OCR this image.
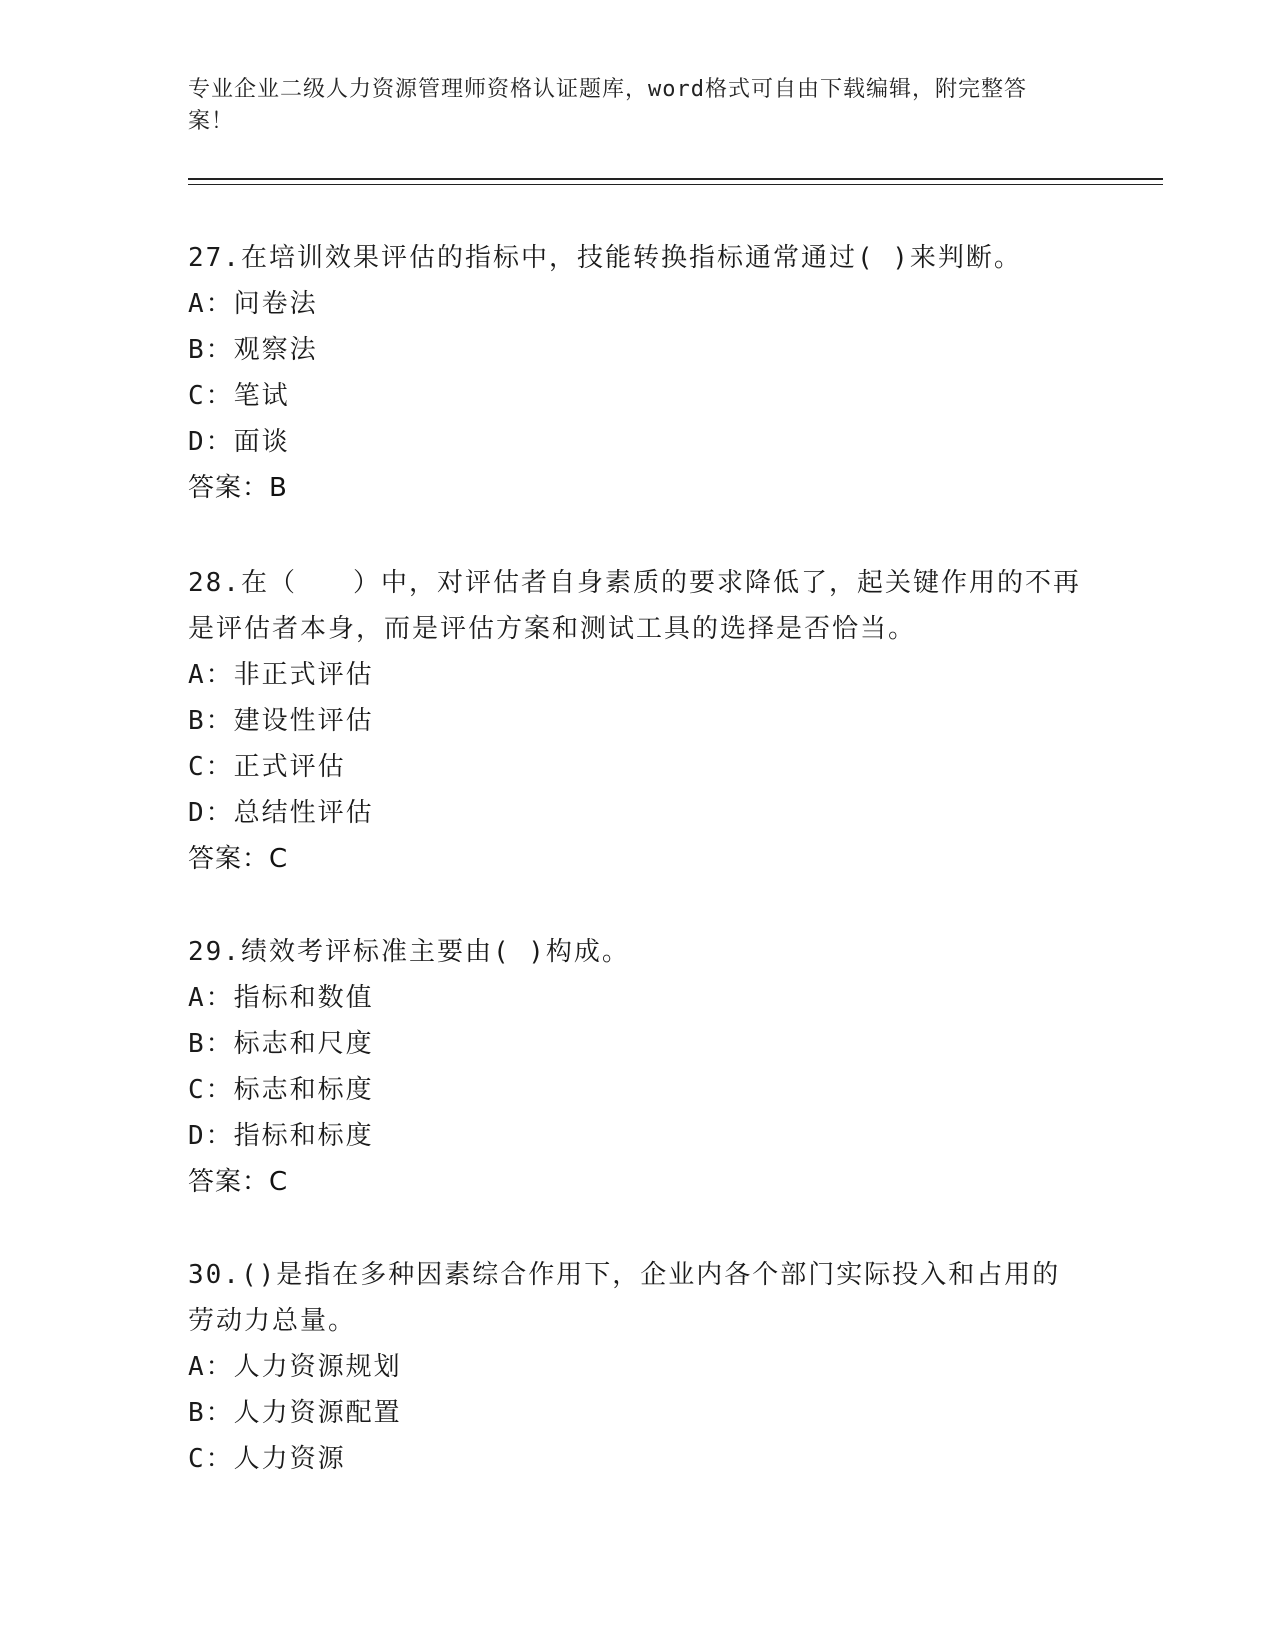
专业企业二级人力资源管理师资格认证题库，word格式可自由下载编辑，附完整答案！
27.在培训效果评估的指标中，技能转换指标通常通过( )来判断。
A：问卷法
B：观察法
C：笔试
D：面谈
答案：B
28.在（　　）中，对评估者自身素质的要求降低了，起关键作用的不再是评估者本身，而是评估方案和测试工具的选择是否恰当。
A：非正式评估
B：建设性评估
C：正式评估
D：总结性评估
答案：C
29.绩效考评标准主要由( )构成。
A：指标和数值
B：标志和尺度
C：标志和标度
D：指标和标度
答案：C
30.()是指在多种因素综合作用下，企业内各个部门实际投入和占用的劳动力总量。
A：人力资源规划
B：人力资源配置
C：人力资源
